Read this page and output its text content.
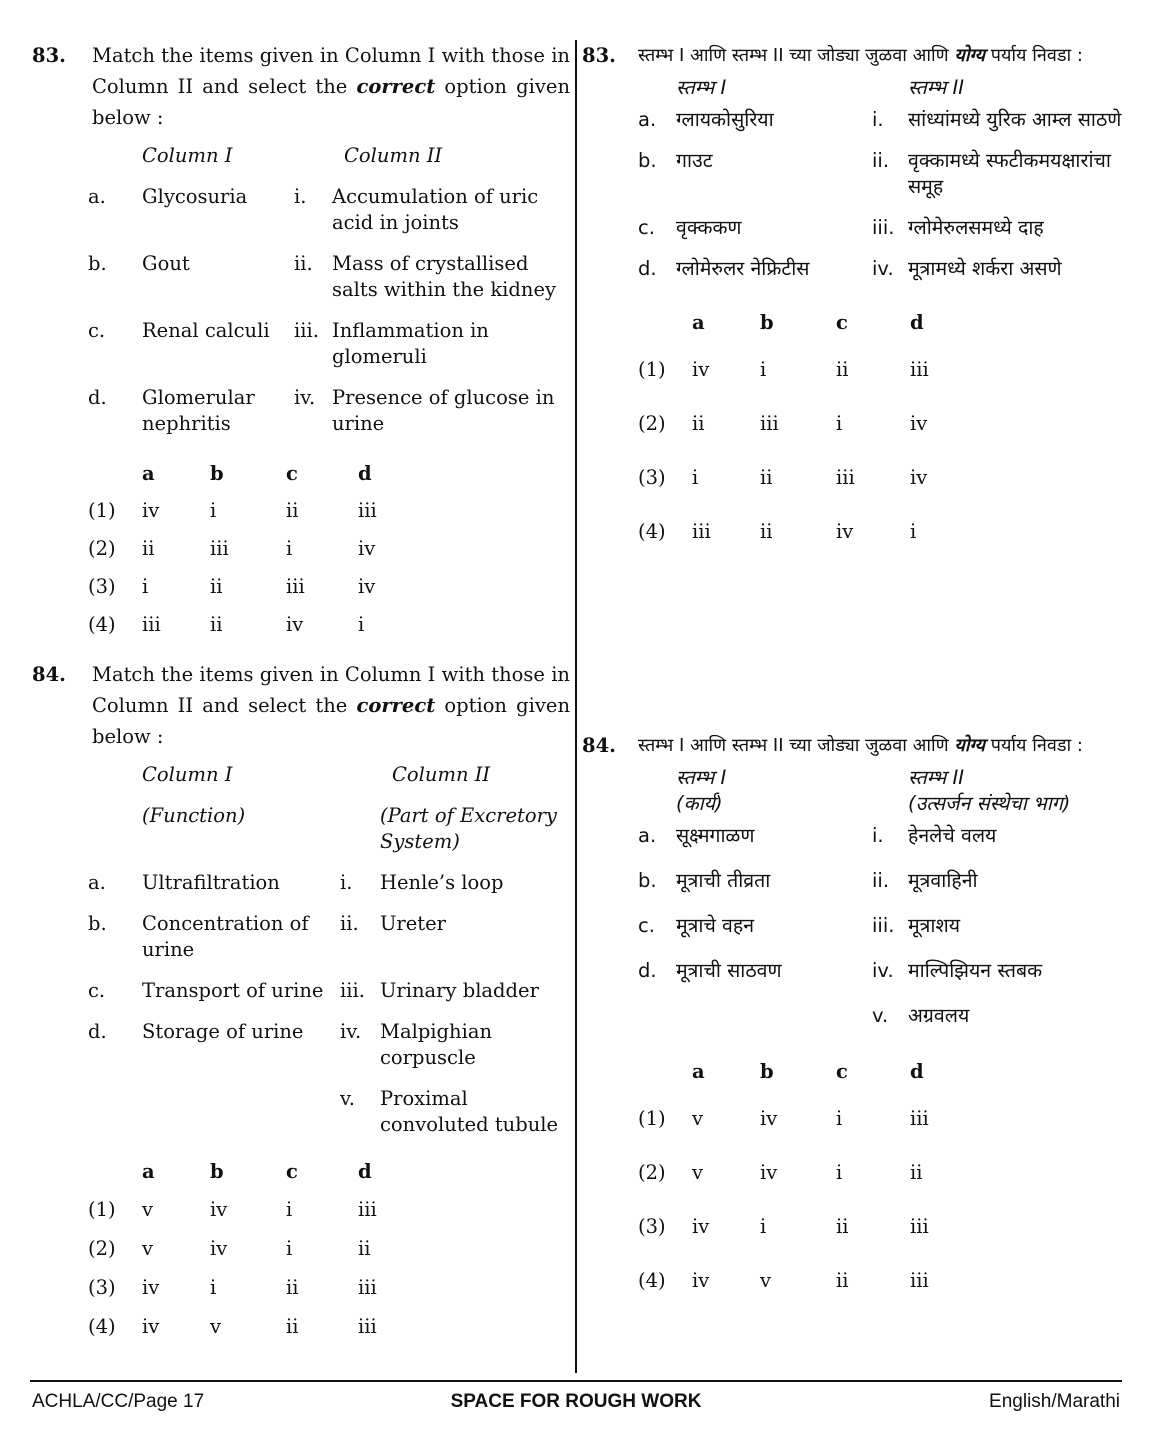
83. Match the items given in Column I with those in Column II and select the correct option given below :
	Column I		Column II

a.	Glycosuria	i.	Accumulation of uric acid in joints

b.	Gout	ii.	Mass of crystallised salts within the kidney

c.	Renal calculi	iii.	Inflammation in glomeruli

d.	Glomerular nephritis	iv.	Presence of glucose in urine
	a	b	c	d
(1)	iv	i	ii	iii
(2)	ii	iii	i	iv
(3)	i	ii	iii	iv
(4)	iii	ii	iv	i
84. Match the items given in Column I with those in Column II and select the correct option given below :
	Column I		Column II

	(Function)		(Part of Excretory System)

a.	Ultrafiltration	i.	Henle’s loop

b.	Concentration of urine	ii.	Ureter

c.	Transport of urine	iii.	Urinary bladder

d.	Storage of urine	iv.	Malpighian corpuscle

		v.	Proximal convoluted tubule
	a	b	c	d
(1)	v	iv	i	iii
(2)	v	iv	i	ii
(3)	iv	i	ii	iii
(4)	iv	v	ii	iii
83. स्तम्भ I आणि स्तम्भ II च्या जोड्या जुळवा आणि योग्य पर्याय निवडा :
	स्तम्भ I		स्तम्भ II

a.	ग्लायकोसुरिया	i.	सांध्यांमध्ये युरिक आम्ल साठणे

b.	गाउट	ii.	वृक्कामध्ये स्फटीकमयक्षारांचा समूह

c.	वृक्ककण	iii.	ग्लोमेरुलसमध्ये दाह

d.	ग्लोमेरुलर नेफ्रिटीस	iv.	मूत्रामध्ये शर्करा असणे
	a	b	c	d
(1)	iv	i	ii	iii
(2)	ii	iii	i	iv
(3)	i	ii	iii	iv
(4)	iii	ii	iv	i
84. स्तम्भ I आणि स्तम्भ II च्या जोड्या जुळवा आणि योग्य पर्याय निवडा :
	स्तम्भ I		स्तम्भ II
	(कार्य)		(उत्सर्जन संस्थेचा भाग)

a.	सूक्ष्मगाळण	i.	हेनलेचे वलय

b.	मूत्राची तीव्रता	ii.	मूत्रवाहिनी

c.	मूत्राचे वहन	iii.	मूत्राशय

d.	मूत्राची साठवण	iv.	माल्पिझियन स्तबक

		v.	अग्रवलय
	a	b	c	d
(1)	v	iv	i	iii
(2)	v	iv	i	ii
(3)	iv	i	ii	iii
(4)	iv	v	ii	iii
ACHLA/CC/Page 17	SPACE FOR ROUGH WORK	English/Marathi
